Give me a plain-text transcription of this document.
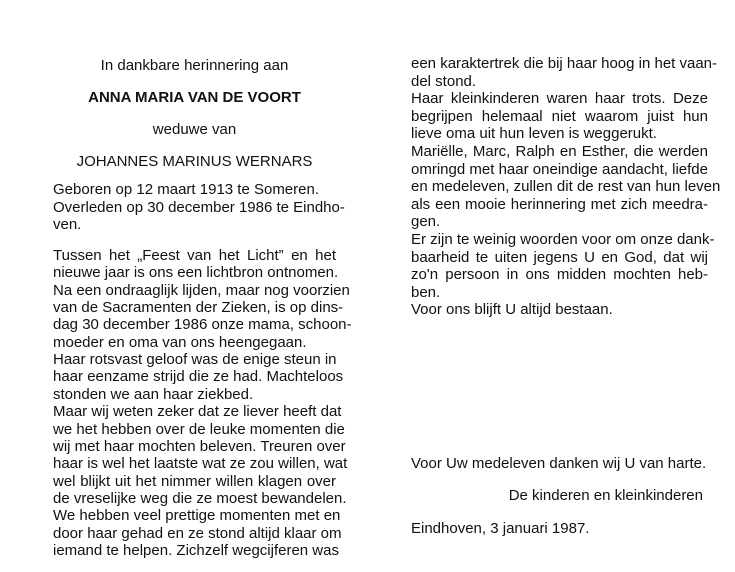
In dankbare herinnering aan
ANNA MARIA VAN DE VOORT
weduwe van
JOHANNES MARINUS WERNARS
Geboren op 12 maart 1913 te Someren.
Overleden op 30 december 1986 te Eindho-
ven.
Tussen het „Feest van het Licht” en het
nieuwe jaar is ons een lichtbron ontnomen.
Na een ondraaglijk lijden, maar nog voorzien
van de Sacramenten der Zieken, is op dins-
dag 30 december 1986 onze mama, schoon-
moeder en oma van ons heengegaan.
Haar rotsvast geloof was de enige steun in
haar eenzame strijd die ze had. Machteloos
stonden we aan haar ziekbed.
Maar wij weten zeker dat ze liever heeft dat
we het hebben over de leuke momenten die
wij met haar mochten beleven. Treuren over
haar is wel het laatste wat ze zou willen, wat
wel blijkt uit het nimmer willen klagen over
de vreselijke weg die ze moest bewandelen.
We hebben veel prettige momenten met en
door haar gehad en ze stond altijd klaar om
iemand te helpen. Zichzelf wegcijferen was
Voor Uw medeleven danken wij U van harte.
De kinderen en kleinkinderen
Eindhoven, 3 januari 1987.
een karaktertrek die bij haar hoog in het vaan-
del stond.
Haar kleinkinderen waren haar trots. Deze
begrijpen helemaal niet waarom juist hun
lieve oma uit hun leven is weggerukt.
Mariëlle, Marc, Ralph en Esther, die werden
omringd met haar oneindige aandacht, liefde
en medeleven, zullen dit de rest van hun leven
als een mooie herinnering met zich meedra-
gen.
Er zijn te weinig woorden voor om onze dank-
baarheid te uiten jegens U en God, dat wij
zo'n persoon in ons midden mochten heb-
ben.
Voor ons blijft U altijd bestaan.
